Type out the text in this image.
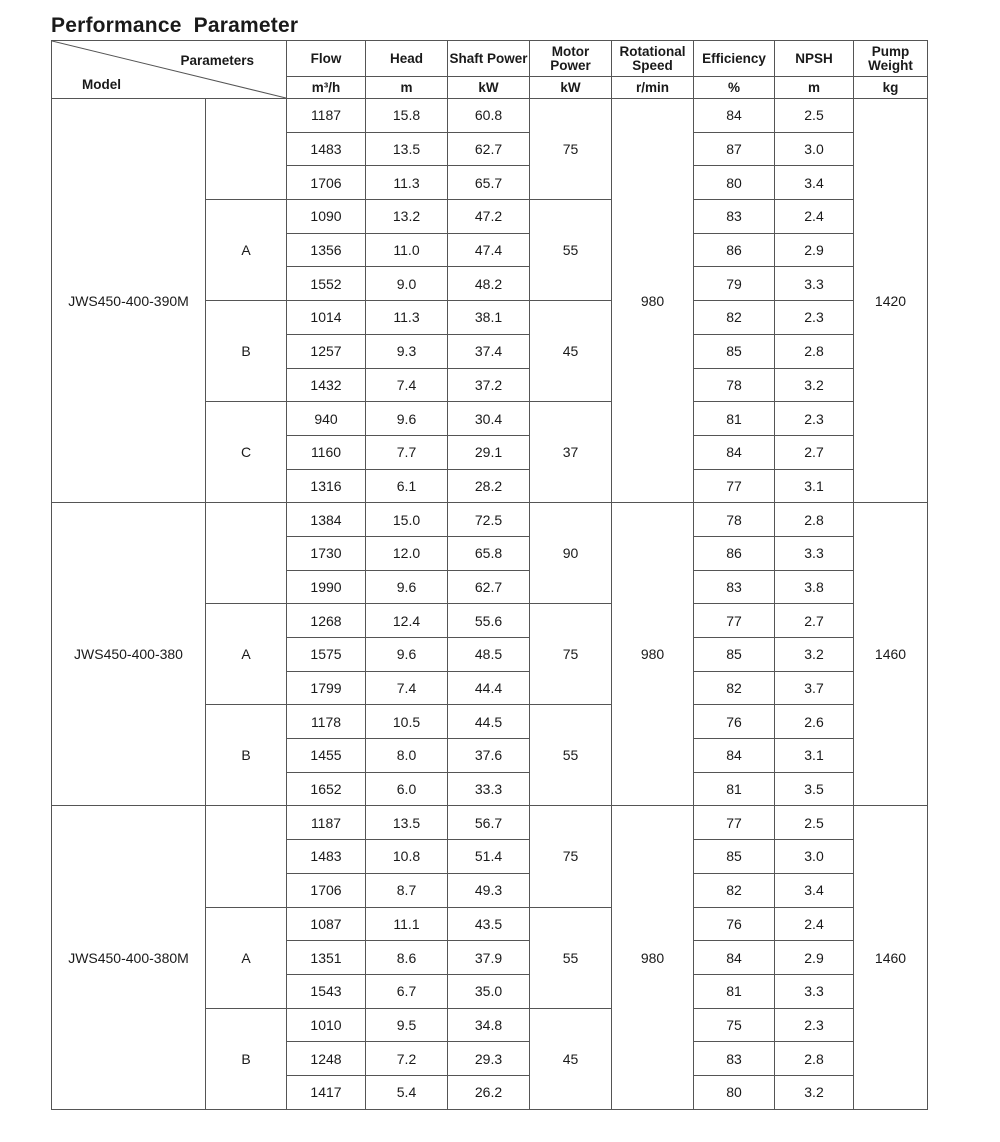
Performance  Parameter
Parameters
Model		Flow	Head	Shaft Power	Motor Power	Rotational Speed	Efficiency	NPSH	Pump Weight
		m³/h	m	kW	kW	r/min	%	m	kg
JWS450-400-390M		1187	15.8	60.8	75	980	84	2.5	1420
		1483	13.5	62.7			87	3.0	
		1706	11.3	65.7			80	3.4	
	A	1090	13.2	47.2	55		83	2.4	
		1356	11.0	47.4			86	2.9	
		1552	9.0	48.2			79	3.3	
	B	1014	11.3	38.1	45		82	2.3	
		1257	9.3	37.4			85	2.8	
		1432	7.4	37.2			78	3.2	
	C	940	9.6	30.4	37		81	2.3	
		1160	7.7	29.1			84	2.7	
		1316	6.1	28.2			77	3.1	
JWS450-400-380		1384	15.0	72.5	90	980	78	2.8	1460
		1730	12.0	65.8			86	3.3	
		1990	9.6	62.7			83	3.8	
	A	1268	12.4	55.6	75		77	2.7	
		1575	9.6	48.5			85	3.2	
		1799	7.4	44.4			82	3.7	
	B	1178	10.5	44.5	55		76	2.6	
		1455	8.0	37.6			84	3.1	
		1652	6.0	33.3			81	3.5	
JWS450-400-380M		1187	13.5	56.7	75	980	77	2.5	1460
		1483	10.8	51.4			85	3.0	
		1706	8.7	49.3			82	3.4	
	A	1087	11.1	43.5	55		76	2.4	
		1351	8.6	37.9			84	2.9	
		1543	6.7	35.0			81	3.3	
	B	1010	9.5	34.8	45		75	2.3	
		1248	7.2	29.3			83	2.8	
		1417	5.4	26.2			80	3.2	
